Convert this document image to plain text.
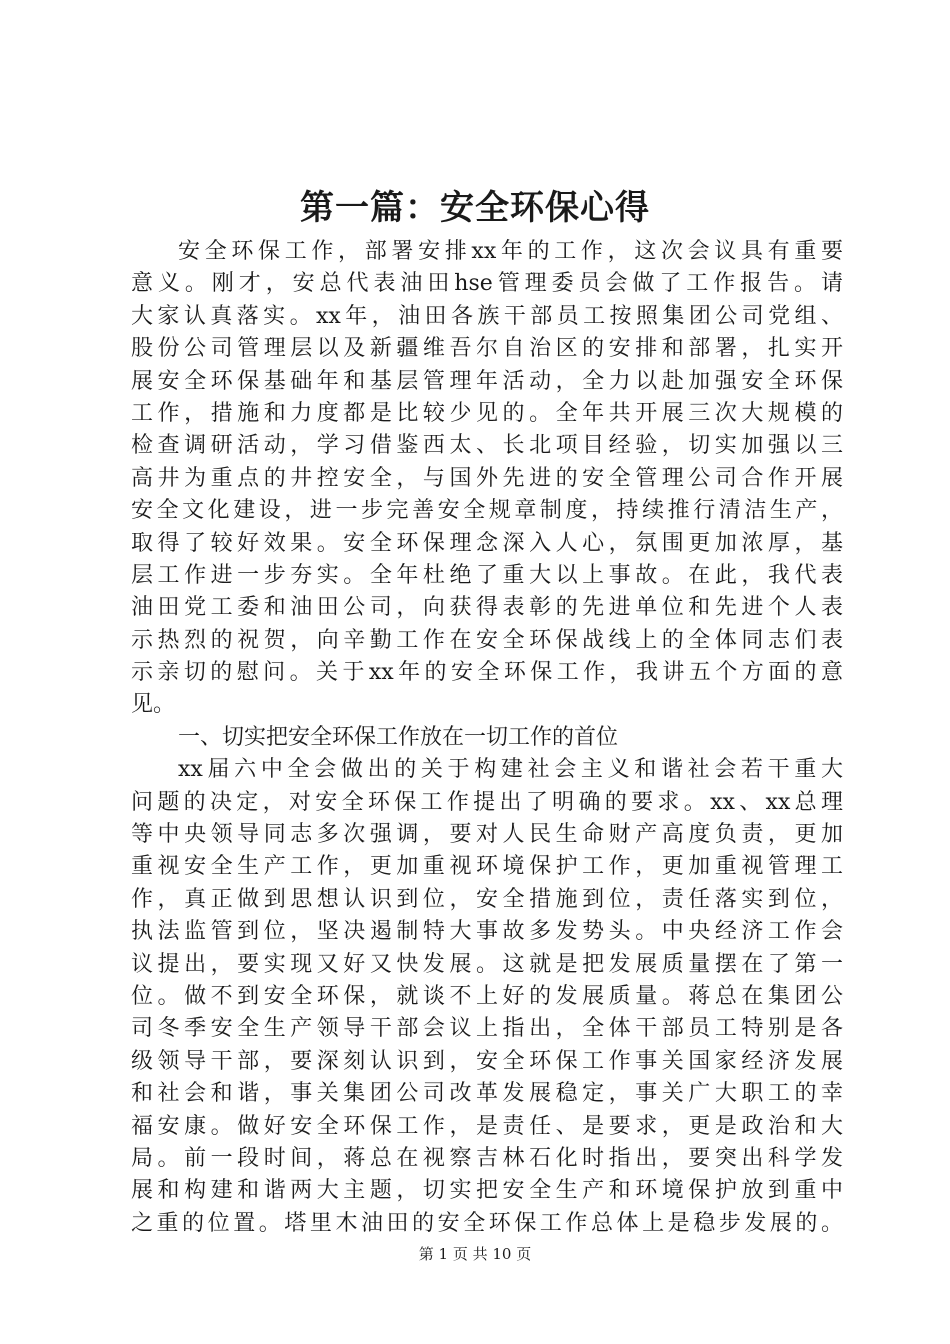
第一篇：安全环保心得
安全环保工作，部署安排xx年的工作，这次会议具有重要
意义。刚才，安总代表油田hse管理委员会做了工作报告。请
大家认真落实。xx年，油田各族干部员工按照集团公司党组、
股份公司管理层以及新疆维吾尔自治区的安排和部署，扎实开
展安全环保基础年和基层管理年活动，全力以赴加强安全环保
工作，措施和力度都是比较少见的。全年共开展三次大规模的
检查调研活动，学习借鉴西太、长北项目经验，切实加强以三
高井为重点的井控安全，与国外先进的安全管理公司合作开展
安全文化建设，进一步完善安全规章制度，持续推行清洁生产，
取得了较好效果。安全环保理念深入人心，氛围更加浓厚，基
层工作进一步夯实。全年杜绝了重大以上事故。在此，我代表
油田党工委和油田公司，向获得表彰的先进单位和先进个人表
示热烈的祝贺，向辛勤工作在安全环保战线上的全体同志们表
示亲切的慰问。关于xx年的安全环保工作，我讲五个方面的意
见。
一、切实把安全环保工作放在一切工作的首位
xx届六中全会做出的关于构建社会主义和谐社会若干重大
问题的决定，对安全环保工作提出了明确的要求。xx、xx总理
等中央领导同志多次强调，要对人民生命财产高度负责，更加
重视安全生产工作，更加重视环境保护工作，更加重视管理工
作，真正做到思想认识到位，安全措施到位，责任落实到位，
执法监管到位，坚决遏制特大事故多发势头。中央经济工作会
议提出，要实现又好又快发展。这就是把发展质量摆在了第一
位。做不到安全环保，就谈不上好的发展质量。蒋总在集团公
司冬季安全生产领导干部会议上指出，全体干部员工特别是各
级领导干部，要深刻认识到，安全环保工作事关国家经济发展
和社会和谐，事关集团公司改革发展稳定，事关广大职工的幸
福安康。做好安全环保工作，是责任、是要求，更是政治和大
局。前一段时间，蒋总在视察吉林石化时指出，要突出科学发
展和构建和谐两大主题，切实把安全生产和环境保护放到重中
之重的位置。塔里木油田的安全环保工作总体上是稳步发展的。
第 1 页 共 10 页
